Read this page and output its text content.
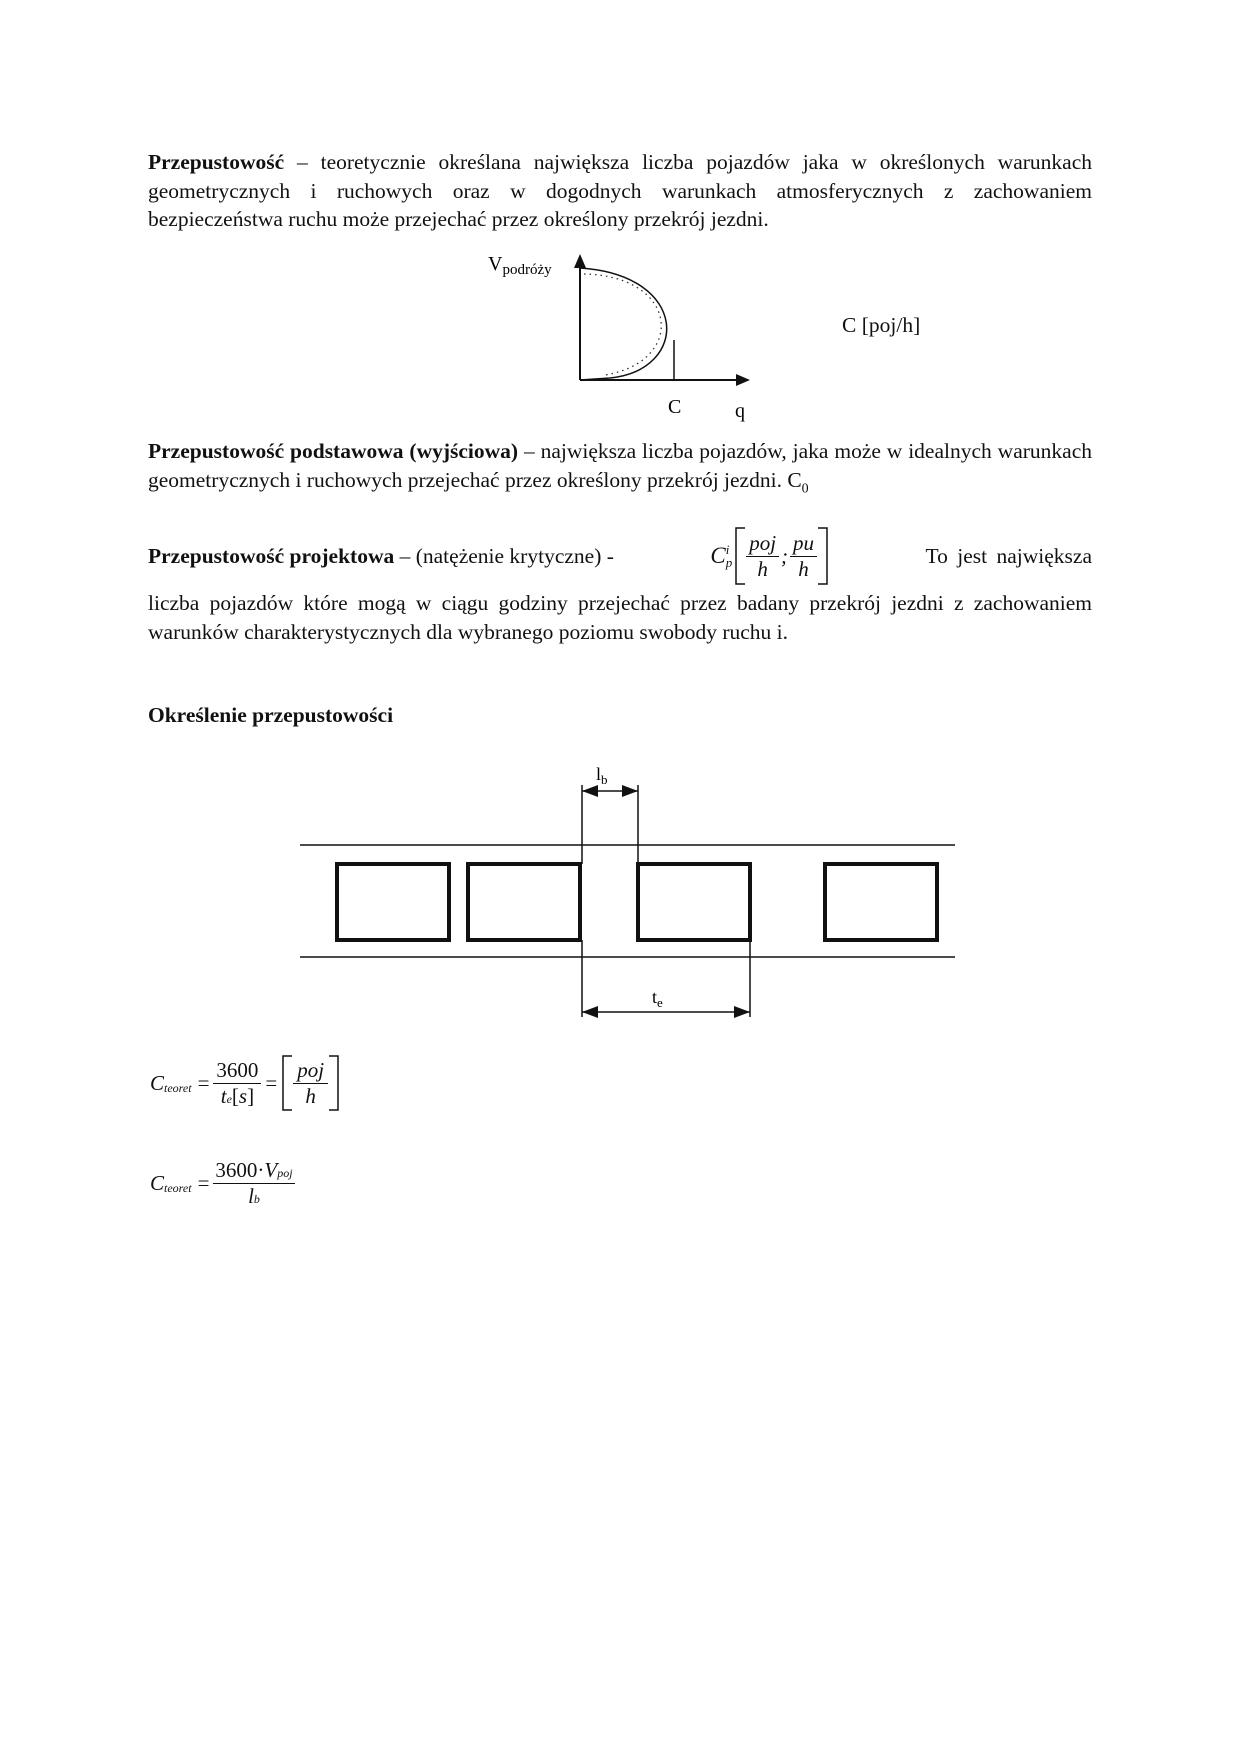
Przepustowość – teoretycznie określana największa liczba pojazdów jaka w określonych warunkach geometrycznych i ruchowych oraz w dogodnych warunkach atmosferycznych z zachowaniem bezpieczeństwa ruchu może przejechać przez określony przekrój jezdni.
$V_{podróży}$
C	q
C [poj/h]
Przepustowość podstawowa (wyjściowa) – największa liczba pojazdów, jaka może w idealnych warunkach geometrycznych i ruchowych przejechać przez określony przekrój jezdni. $C_0$
Przepustowość projektowa – (natężenie krytyczne) -	C i
p $\frac{\text{poj}}{h}$ ; $\frac{pu}{h}$	To jest największa
liczba pojazdów które mogą w ciągu godziny przejechać przez badany przekrój jezdni z zachowaniem warunków charakterystycznych dla wybranego poziomu swobody ruchu i.
Określenie przepustowości
$l_b$
$t_e$
C teoret = $\frac{3600}{te[s]} = \frac{\text{poj}}{h}$
C teoret = $\frac{\text{3600·Vpoj}}{lb}$
